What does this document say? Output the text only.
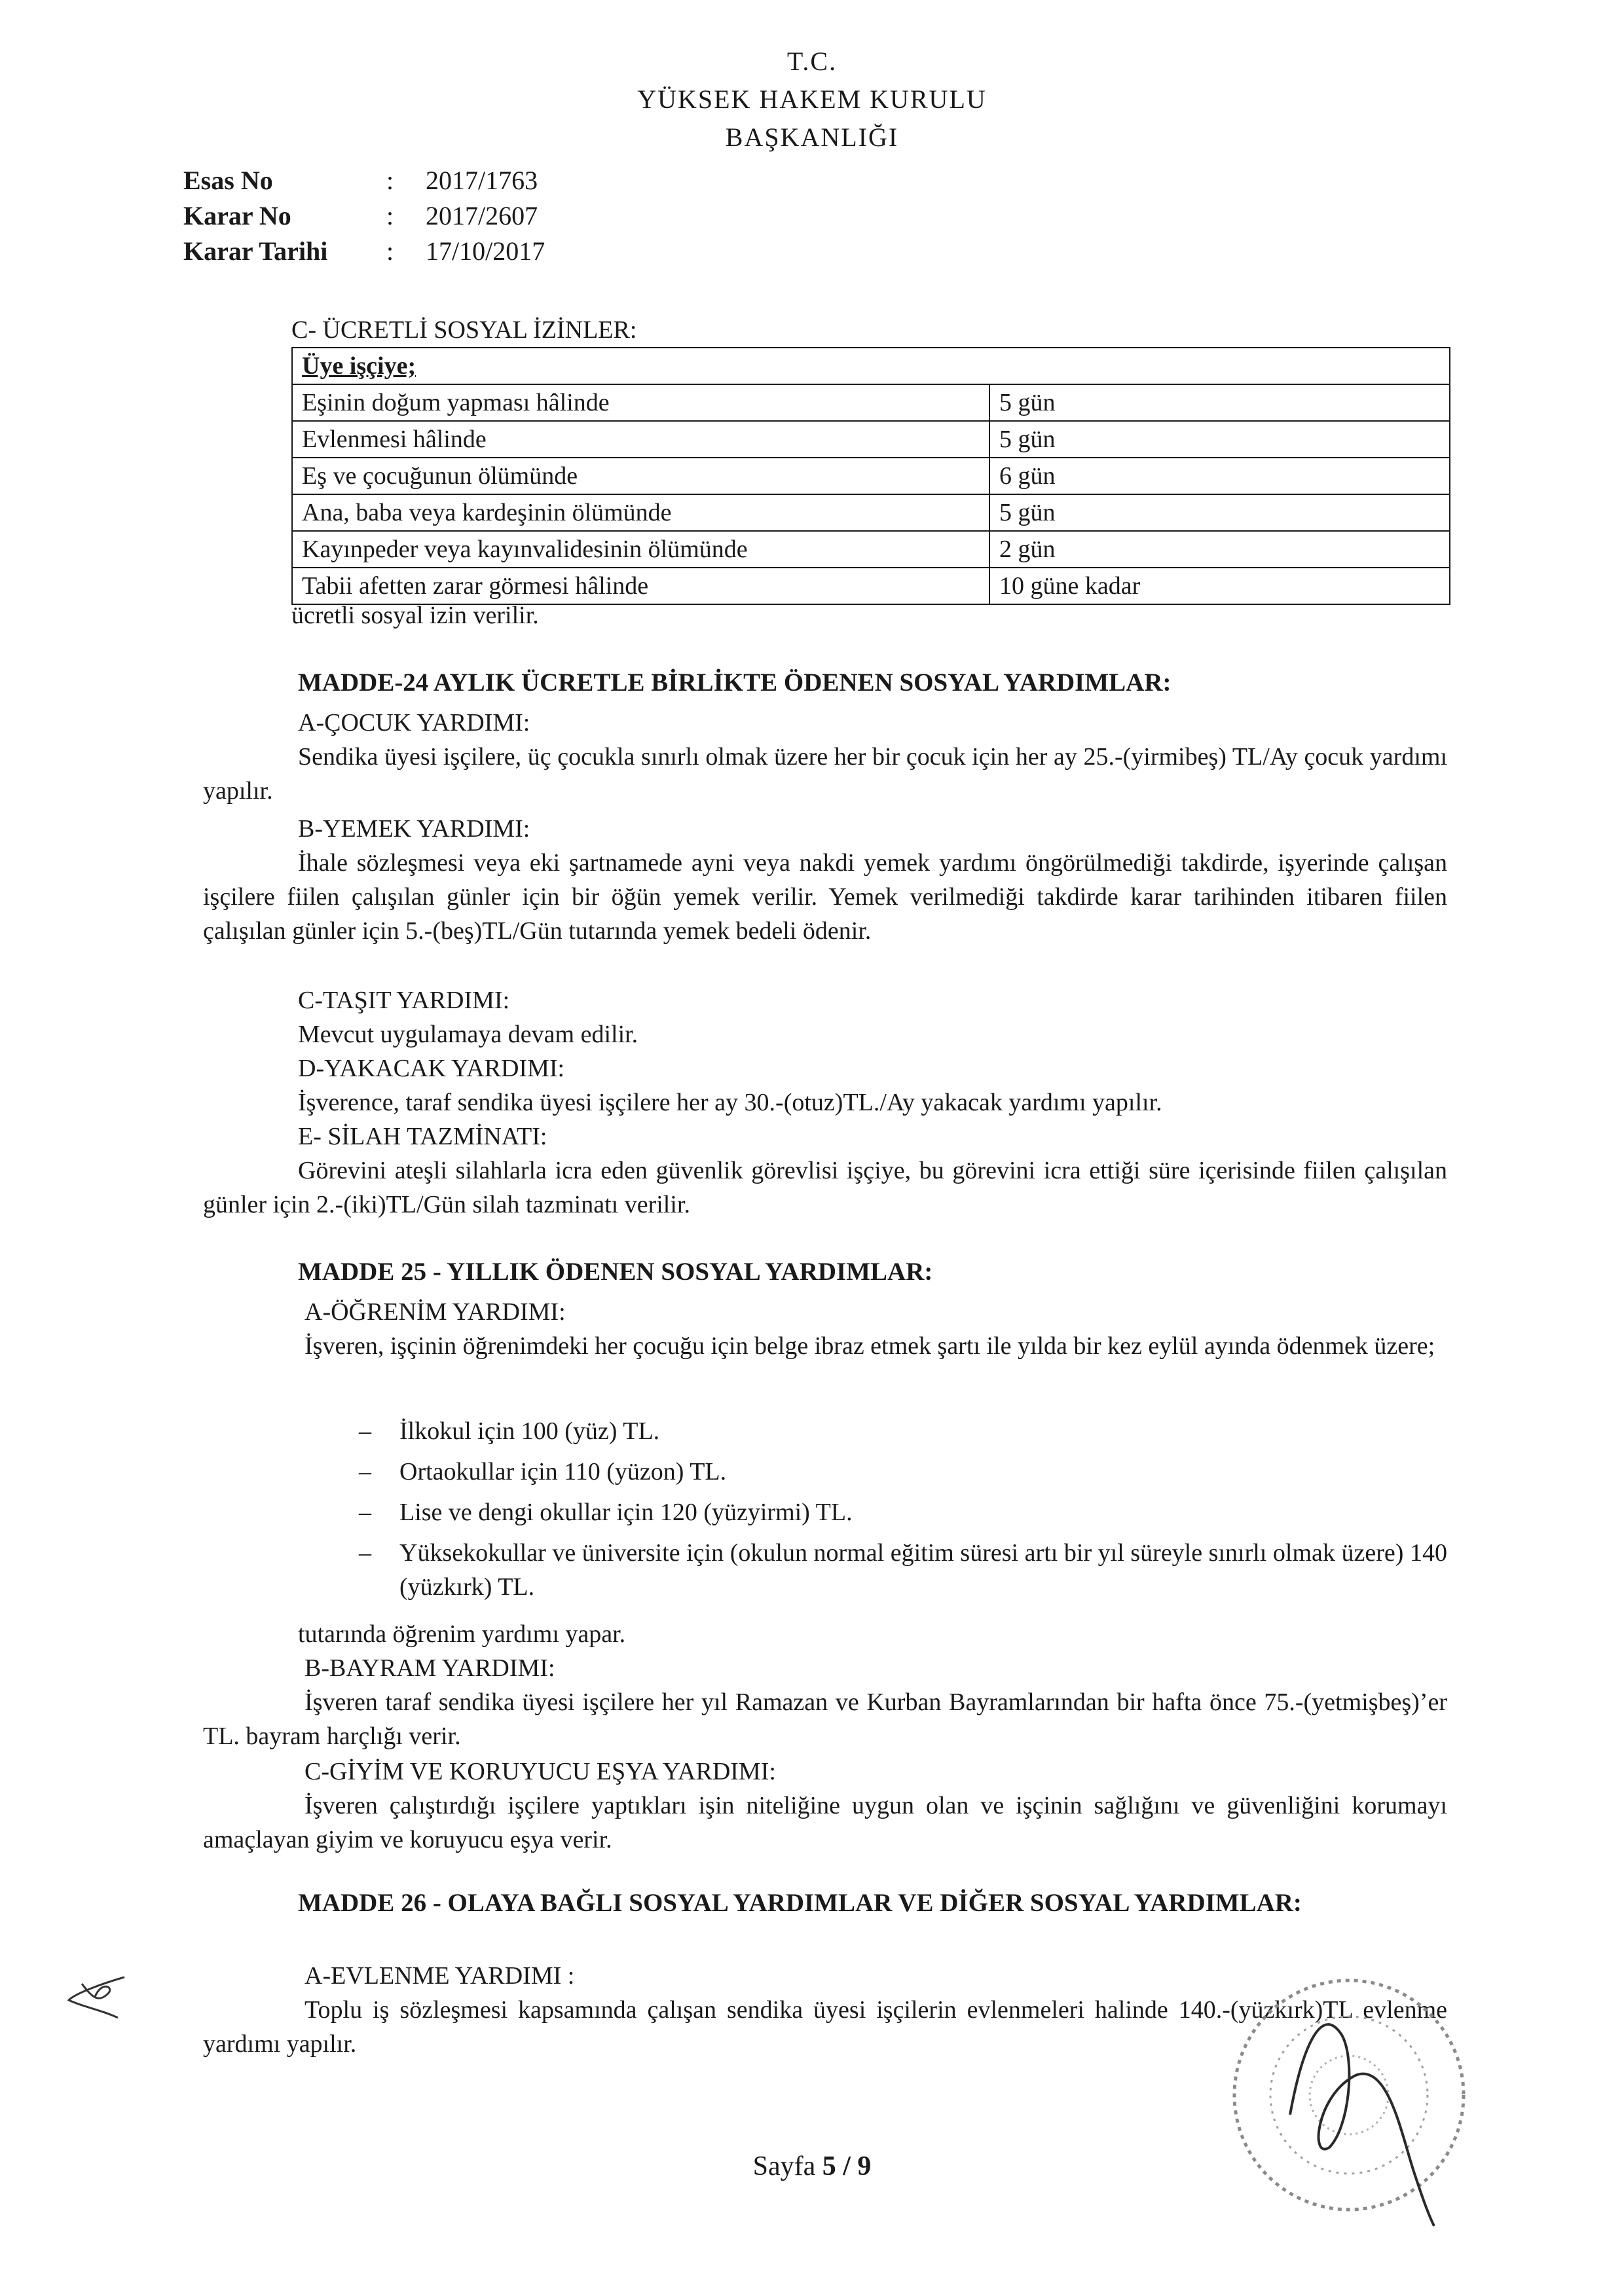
T.C.
YÜKSEK HAKEM KURULU
BAŞKANLIĞI
Esas No	: 2017/1763
Karar No	: 2017/2607
Karar Tarihi : 17/10/2017
C- ÜCRETLİ SOSYAL İZİNLER:
Üye işçiye;	
Eşinin doğum yapması hâlinde	5 gün
Evlenmesi hâlinde	5 gün
Eş ve çocuğunun ölümünde	6 gün
Ana, baba veya kardeşinin ölümünde	5 gün
Kayınpeder veya kayınvalidesinin ölümünde	2 gün
Tabii afetten zarar görmesi hâlinde	10 güne kadar
ücretli sosyal izin verilir.
MADDE-24 AYLIK ÜCRETLE BİRLİKTE ÖDENEN SOSYAL YARDIMLAR:
A-ÇOCUK YARDIMI:
Sendika üyesi işçilere, üç çocukla sınırlı olmak üzere her bir çocuk için her ay 25.-(yirmibeş) TL/Ay çocuk yardımı yapılır.
B-YEMEK YARDIMI:
İhale sözleşmesi veya eki şartnamede ayni veya nakdi yemek yardımı öngörülmediği takdirde, işyerinde çalışan işçilere fiilen çalışılan günler için bir öğün yemek verilir. Yemek verilmediği takdirde karar tarihinden itibaren fiilen çalışılan günler için 5.-(beş)TL/Gün tutarında yemek bedeli ödenir.
C-TAŞIT YARDIMI:
Mevcut uygulamaya devam edilir.
D-YAKACAK YARDIMI:
İşverence, taraf sendika üyesi işçilere her ay 30.-(otuz)TL./Ay yakacak yardımı yapılır.
E- SİLAH TAZMİNATI:
Görevini ateşli silahlarla icra eden güvenlik görevlisi işçiye, bu görevini icra ettiği süre içerisinde fiilen çalışılan günler için 2.-(iki)TL/Gün silah tazminatı verilir.
MADDE 25 - YILLIK ÖDENEN SOSYAL YARDIMLAR:
A-ÖĞRENİM YARDIMI:
İşveren, işçinin öğrenimdeki her çocuğu için belge ibraz etmek şartı ile yılda bir kez eylül ayında ödenmek üzere;
– İlkokul için 100 (yüz) TL.
– Ortaokullar için 110 (yüzon) TL.
– Lise ve dengi okullar için 120 (yüzyirmi) TL.
– Yüksekokullar ve üniversite için (okulun normal eğitim süresi artı bir yıl süreyle sınırlı olmak üzere) 140 (yüzkırk) TL.
tutarında öğrenim yardımı yapar.
B-BAYRAM YARDIMI:
İşveren taraf sendika üyesi işçilere her yıl Ramazan ve Kurban Bayramlarından bir hafta önce 75.-(yetmişbeş)’er TL. bayram harçlığı verir.
C-GİYİM VE KORUYUCU EŞYA YARDIMI:
İşveren çalıştırdığı işçilere yaptıkları işin niteliğine uygun olan ve işçinin sağlığını ve güvenliğini korumayı amaçlayan giyim ve koruyucu eşya verir.
MADDE 26 - OLAYA BAĞLI SOSYAL YARDIMLAR VE DİĞER SOSYAL YARDIMLAR:
A-EVLENME YARDIMI :
Toplu iş sözleşmesi kapsamında çalışan sendika üyesi işçilerin evlenmeleri halinde 140.-(yüzkırk)TL evlenme yardımı yapılır.
Sayfa 5 / 9
